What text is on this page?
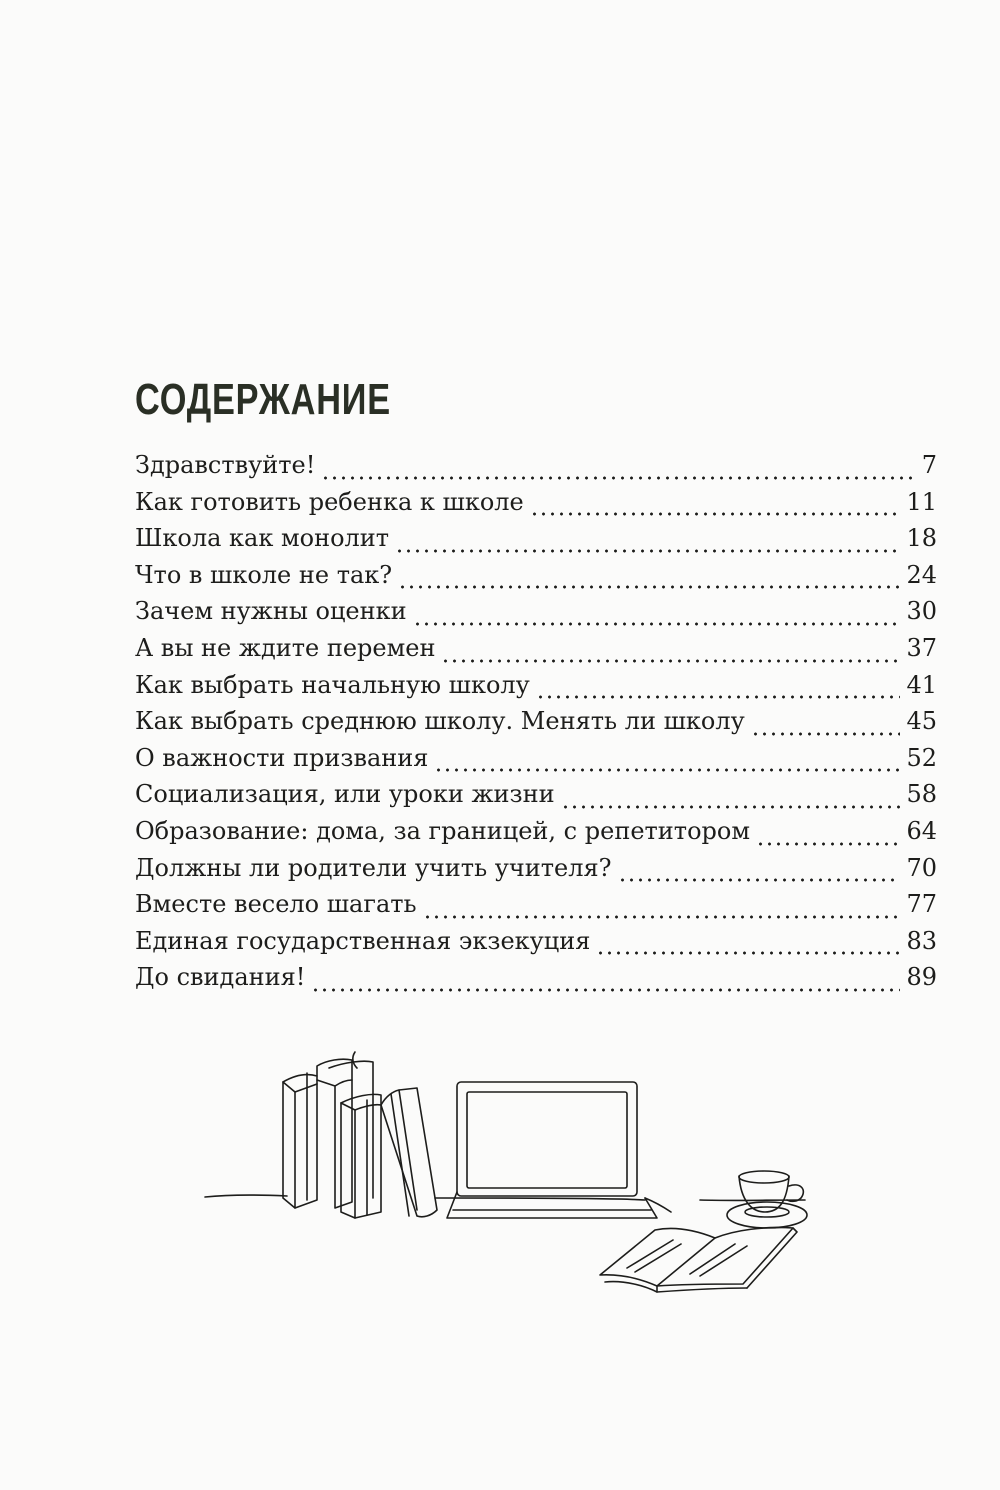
СОДЕРЖАНИЕ
Здравствуйте!	7
Как готовить ребенка к школе	11
Школа как монолит	18
Что в школе не так?	24
Зачем нужны оценки	30
А вы не ждите перемен	37
Как выбрать начальную школу	41
Как выбрать среднюю школу. Менять ли школу	45
О важности призвания	52
Социализация, или уроки жизни	58
Образование: дома, за границей, с репетитором	64
Должны ли родители учить учителя?	70
Вместе весело шагать	77
Единая государственная экзекуция	83
До свидания!	89
